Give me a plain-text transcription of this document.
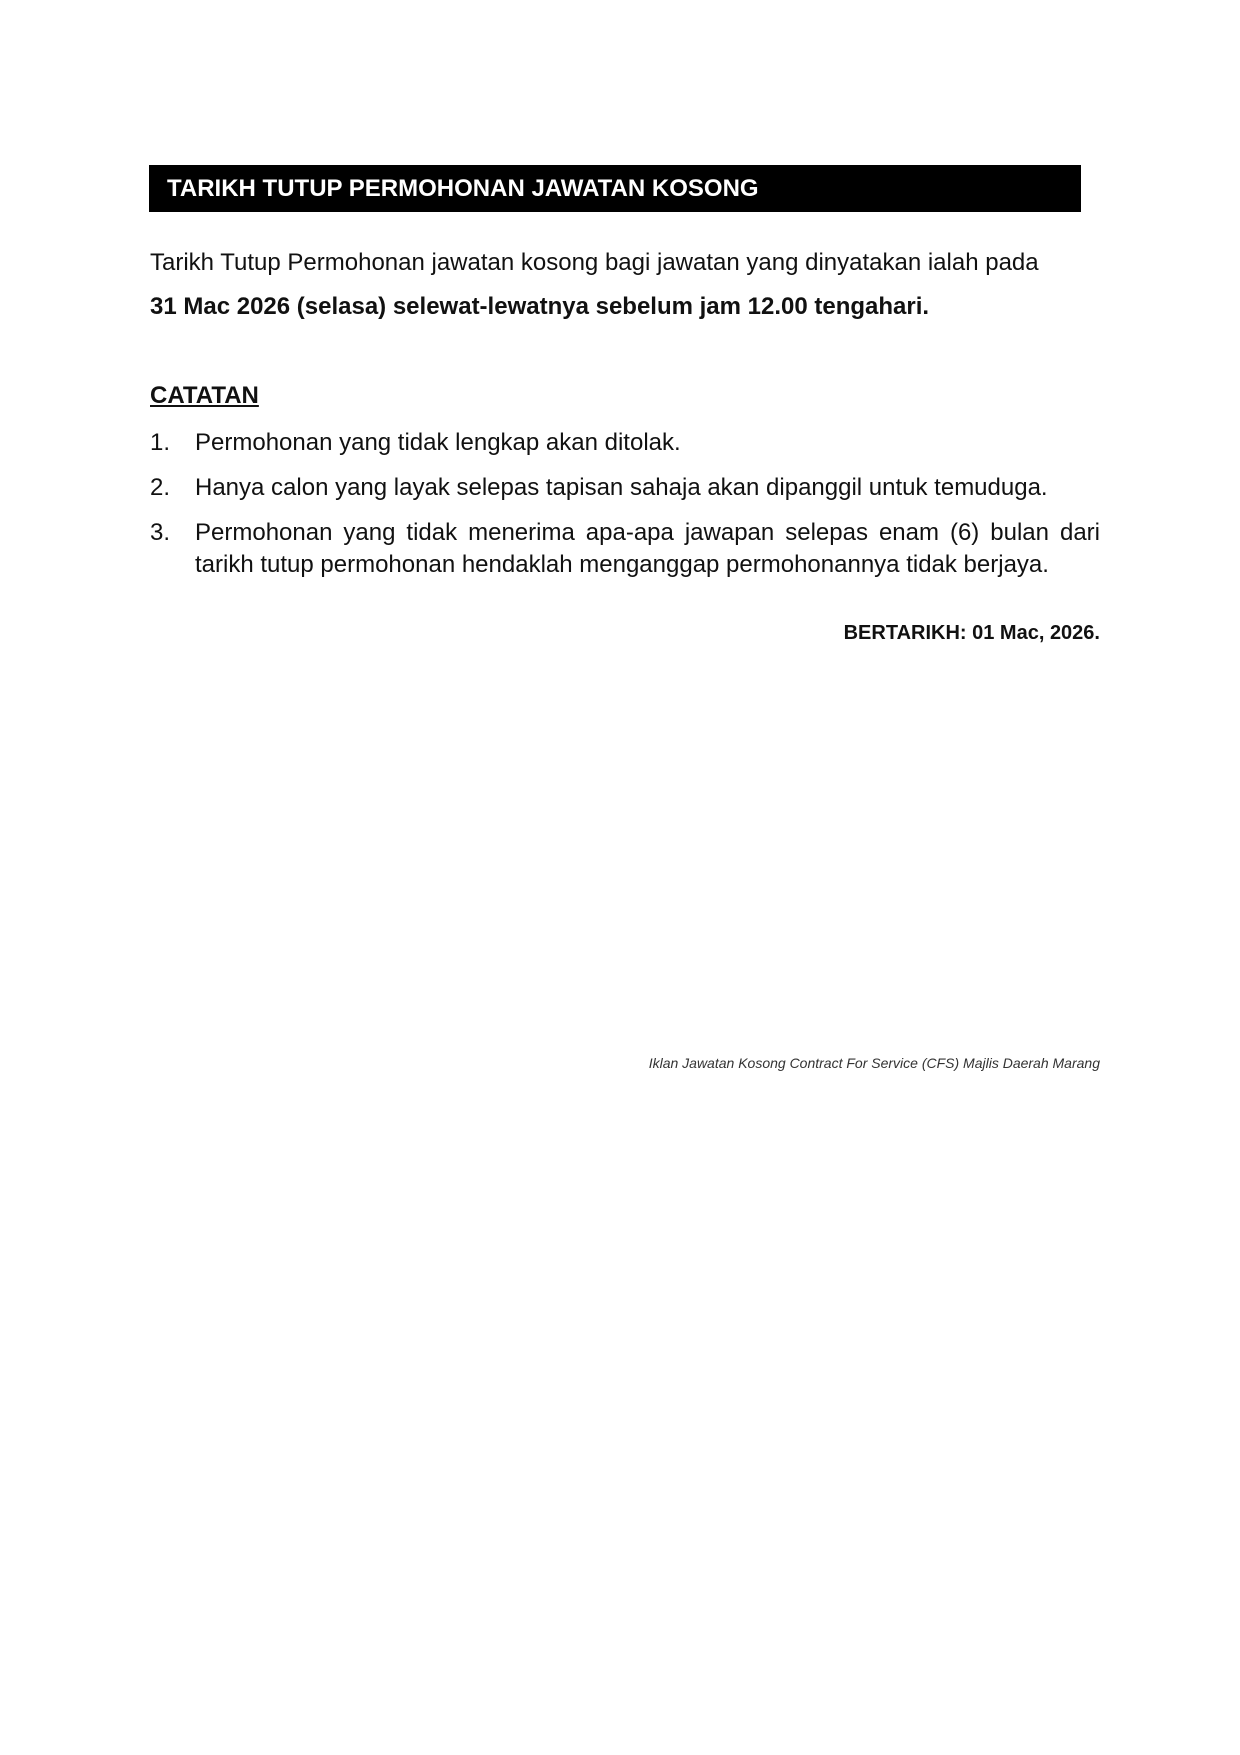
TARIKH TUTUP PERMOHONAN JAWATAN KOSONG
Tarikh Tutup Permohonan jawatan kosong bagi jawatan yang dinyatakan ialah pada
31 Mac 2026 (selasa) selewat-lewatnya sebelum jam 12.00 tengahari.
CATATAN
1. Permohonan yang tidak lengkap akan ditolak.
2. Hanya calon yang layak selepas tapisan sahaja akan dipanggil untuk temuduga.
3. Permohonan yang tidak menerima apa-apa jawapan selepas enam (6) bulan dari tarikh tutup permohonan hendaklah menganggap permohonannya tidak berjaya.
BERTARIKH: 01 Mac, 2026.
Iklan Jawatan Kosong Contract For Service (CFS) Majlis Daerah Marang
